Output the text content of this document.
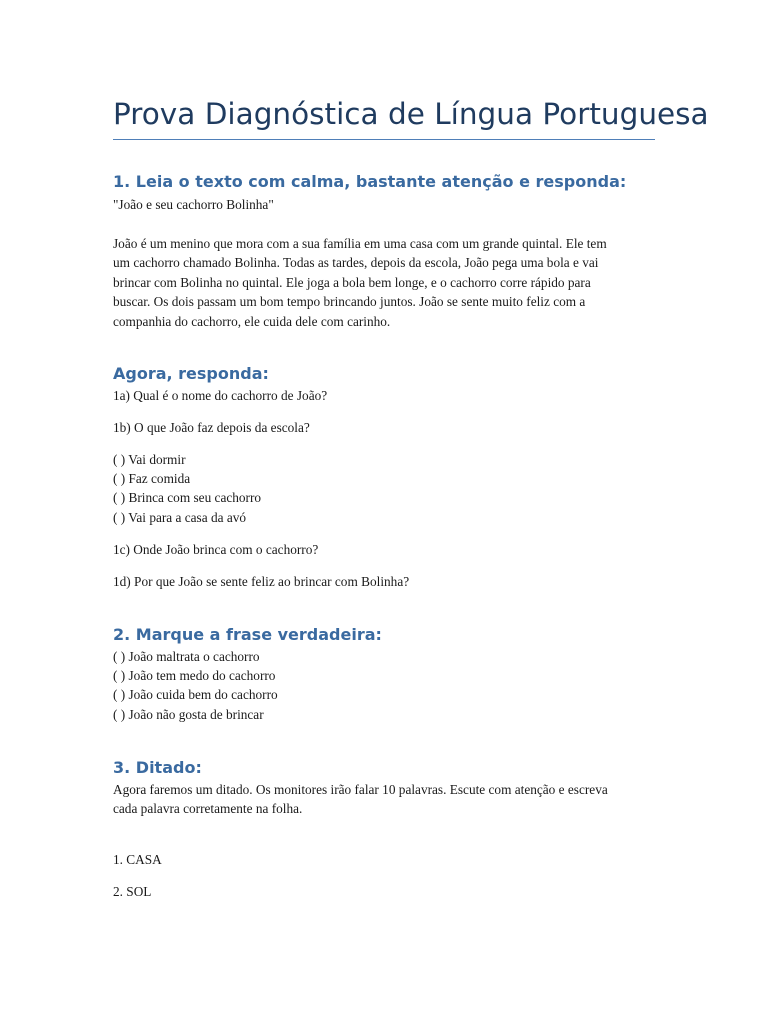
Prova Diagnóstica de Língua Portuguesa
1. Leia o texto com calma, bastante atenção e responda:

"João e seu cachorro Bolinha"

João é um menino que mora com a sua família em uma casa com um grande quintal. Ele tem
um cachorro chamado Bolinha. Todas as tardes, depois da escola, João pega uma bola e vai
brincar com Bolinha no quintal. Ele joga a bola bem longe, e o cachorro corre rápido para
buscar. Os dois passam um bom tempo brincando juntos. João se sente muito feliz com a
companhia do cachorro, ele cuida dele com carinho.
Agora, responda:

1a) Qual é o nome do cachorro de João?

1b) O que João faz depois da escola?

( ) Vai dormir
( ) Faz comida
( ) Brinca com seu cachorro
( ) Vai para a casa da avó

1c) Onde João brinca com o cachorro?

1d) Por que João se sente feliz ao brincar com Bolinha?

2. Marque a frase verdadeira:
( ) João maltrata o cachorro
( ) João tem medo do cachorro
( ) João cuida bem do cachorro
( ) João não gosta de brincar
3. Ditado:
Agora faremos um ditado. Os monitores irão falar 10 palavras. Escute com atenção e escreva
cada palavra corretamente na folha.

1. CASA

2. SOL
